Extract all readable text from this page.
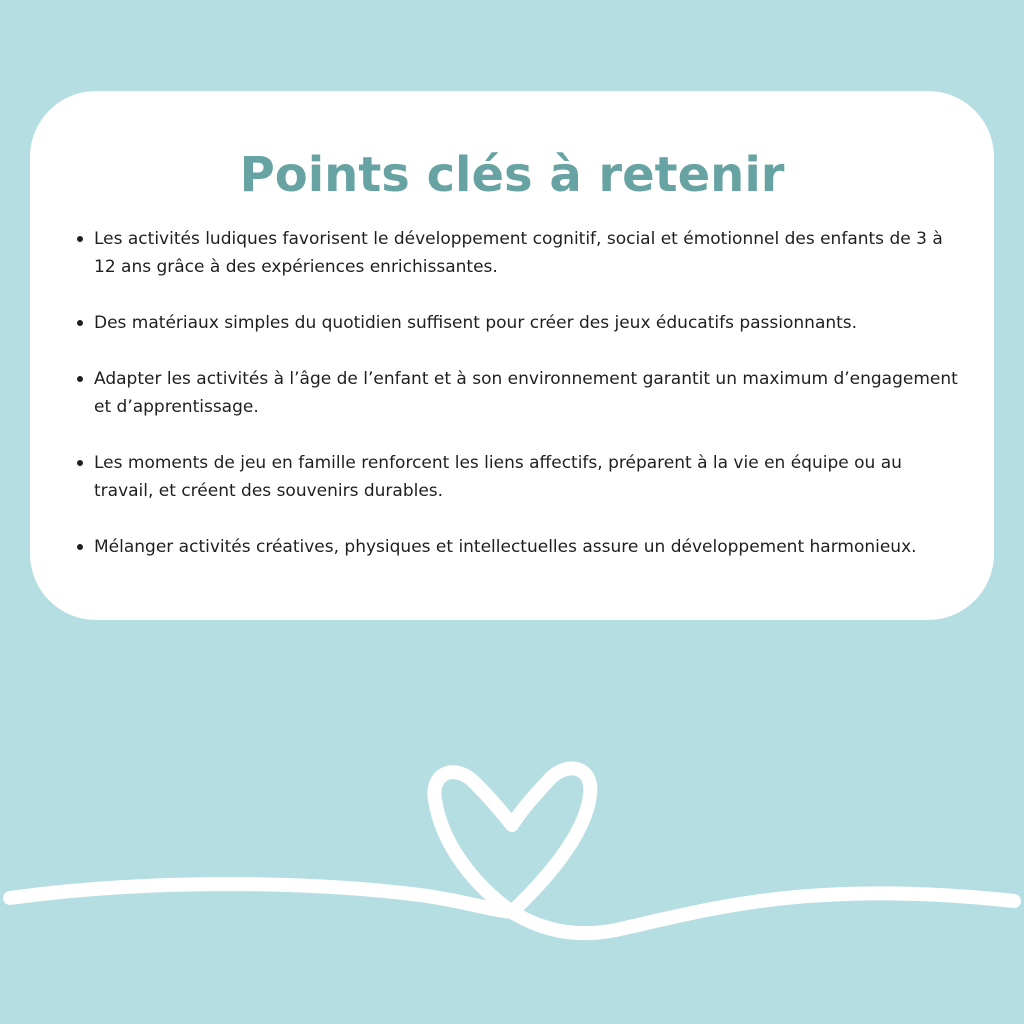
Points clés à retenir
Les activités ludiques favorisent le développement cognitif, social et émotionnel des enfants de 3 à 12 ans grâce à des expériences enrichissantes.
Des matériaux simples du quotidien suffisent pour créer des jeux éducatifs passionnants.
Adapter les activités à l’âge de l’enfant et à son environnement garantit un maximum d’engagement et d’apprentissage.
Les moments de jeu en famille renforcent les liens affectifs, préparent à la vie en équipe ou au travail, et créent des souvenirs durables.
Mélanger activités créatives, physiques et intellectuelles assure un développement harmonieux.
